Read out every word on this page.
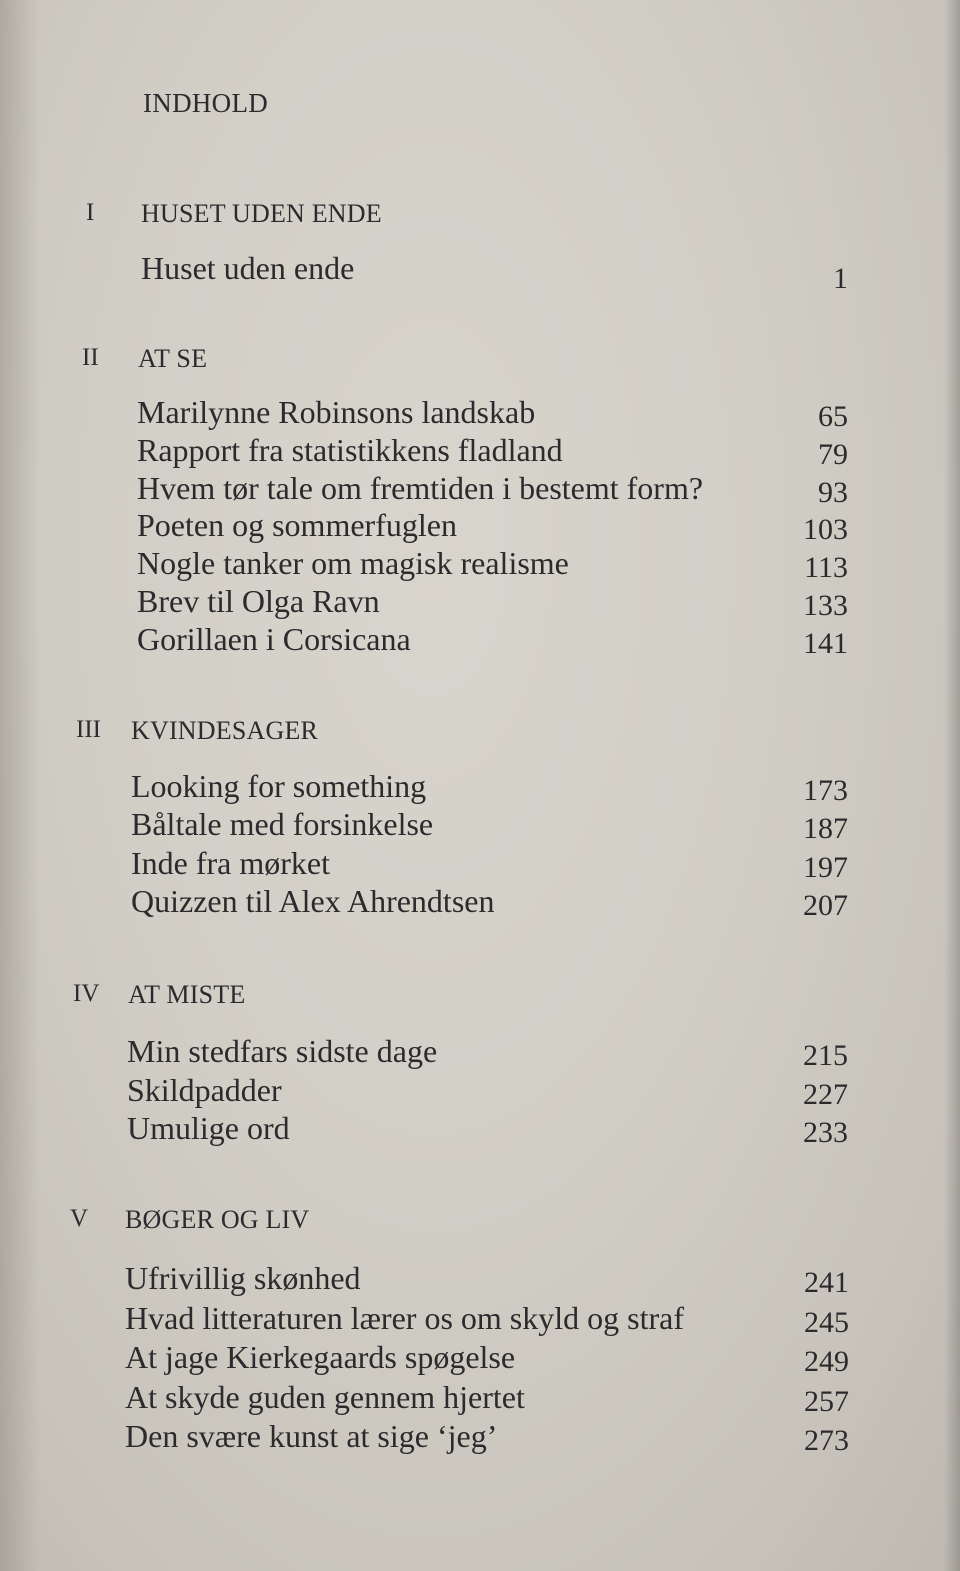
INDHOLD
I HUSET UDEN ENDE
Huset uden ende	1
II AT SE
Marilynne Robinsons landskab	65
Rapport fra statistikkens fladland	79
Hvem tør tale om fremtiden i bestemt form?	93
Poeten og sommerfuglen	103
Nogle tanker om magisk realisme	113
Brev til Olga Ravn	133
Gorillaen i Corsicana	141
III KVINDESAGER
Looking for something	173
Båltale med forsinkelse	187
Inde fra mørket	197
Quizzen til Alex Ahrendtsen	207
IV AT MISTE
Min stedfars sidste dage	215
Skildpadder	227
Umulige ord	233
V BØGER OG LIV
Ufrivillig skønhed	241
Hvad litteraturen lærer os om skyld og straf	245
At jage Kierkegaards spøgelse	249
At skyde guden gennem hjertet	257
Den svære kunst at sige ‘jeg’	273
